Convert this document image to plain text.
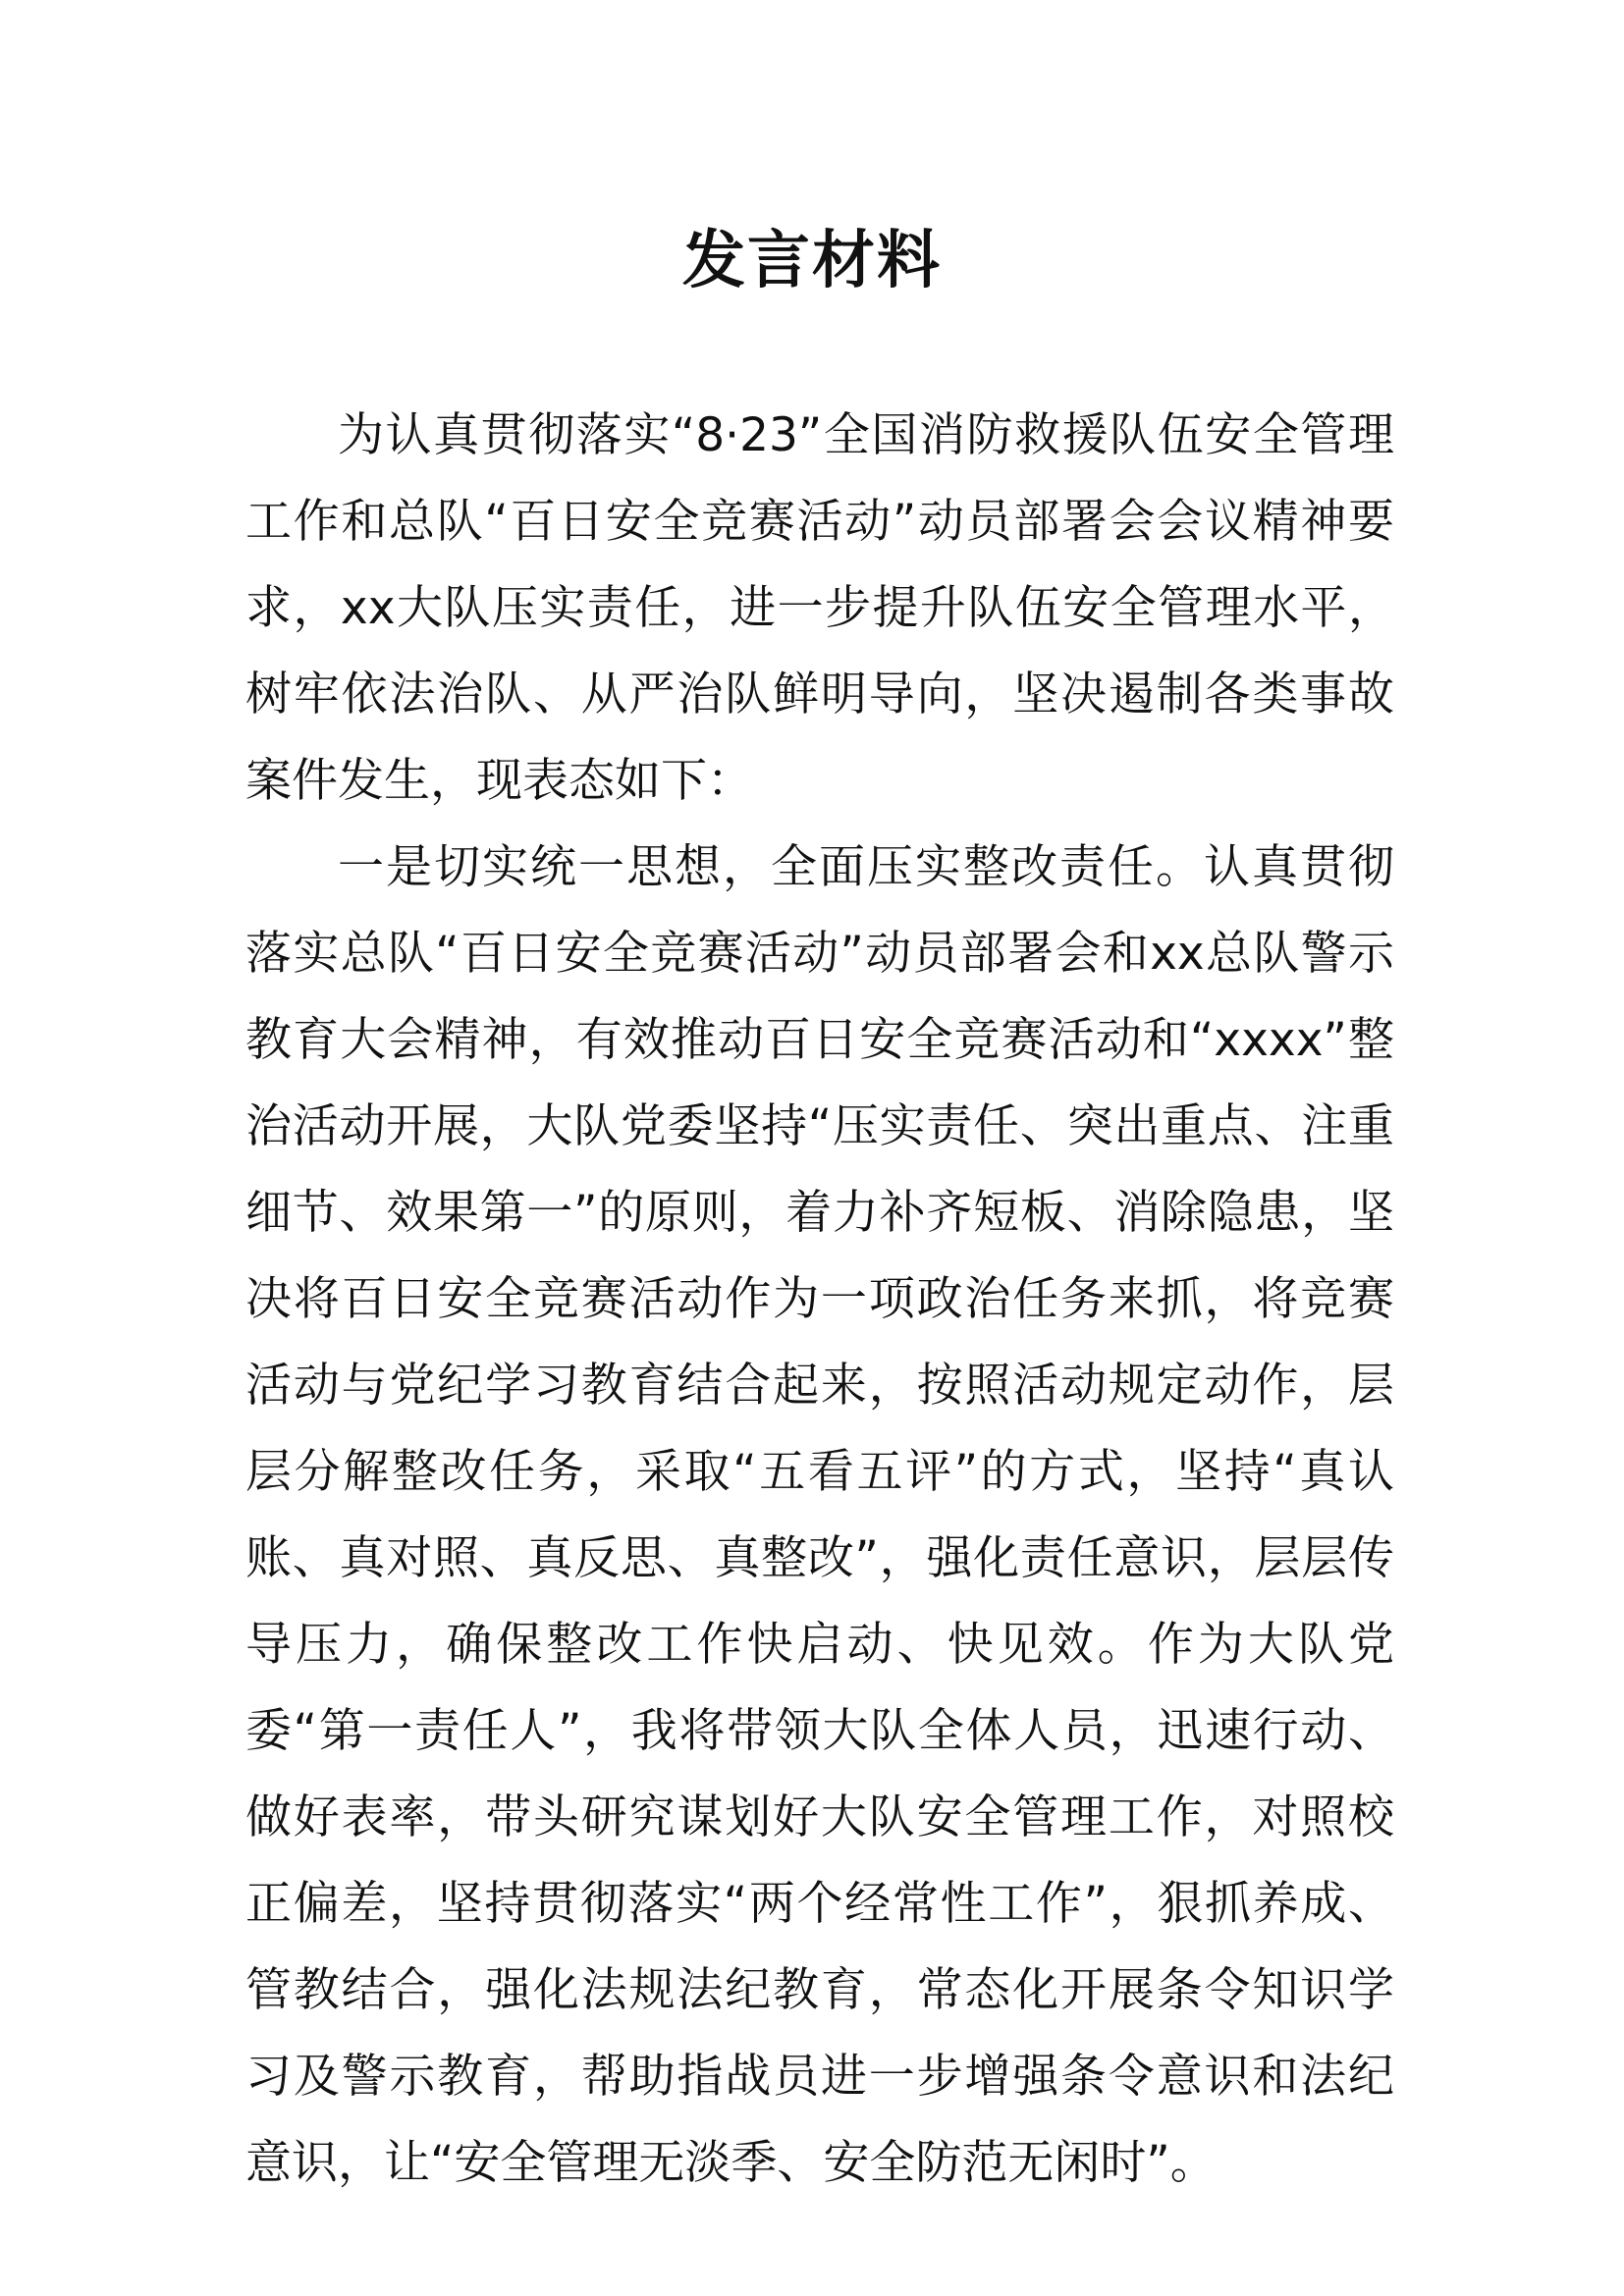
发言材料

为认真贯彻落实“8·23”全国消防救援队伍安全管理工作和总队“百日安全竞赛活动”动员部署会会议精神要求，xx大队压实责任，进一步提升队伍安全管理水平，树牢依法治队、从严治队鲜明导向，坚决遏制各类事故案件发生，现表态如下：

一是切实统一思想，全面压实整改责任。认真贯彻落实总队“百日安全竞赛活动”动员部署会和xx总队警示教育大会精神，有效推动百日安全竞赛活动和“xxxx”整治活动开展，大队党委坚持“压实责任、突出重点、注重细节、效果第一”的原则，着力补齐短板、消除隐患，坚决将百日安全竞赛活动作为一项政治任务来抓，将竞赛活动与党纪学习教育结合起来，按照活动规定动作，层层分解整改任务，采取“五看五评”的方式，坚持“真认账、真对照、真反思、真整改”，强化责任意识，层层传导压力，确保整改工作快启动、快见效。作为大队党委“第一责任人”，我将带领大队全体人员，迅速行动、做好表率，带头研究谋划好大队安全管理工作，对照校正偏差，坚持贯彻落实“两个经常性工作”，狠抓养成、管教结合，强化法规法纪教育，常态化开展条令知识学习及警示教育，帮助指战员进一步增强条令意识和法纪意识，让“安全管理无淡季、安全防范无闲时”。
